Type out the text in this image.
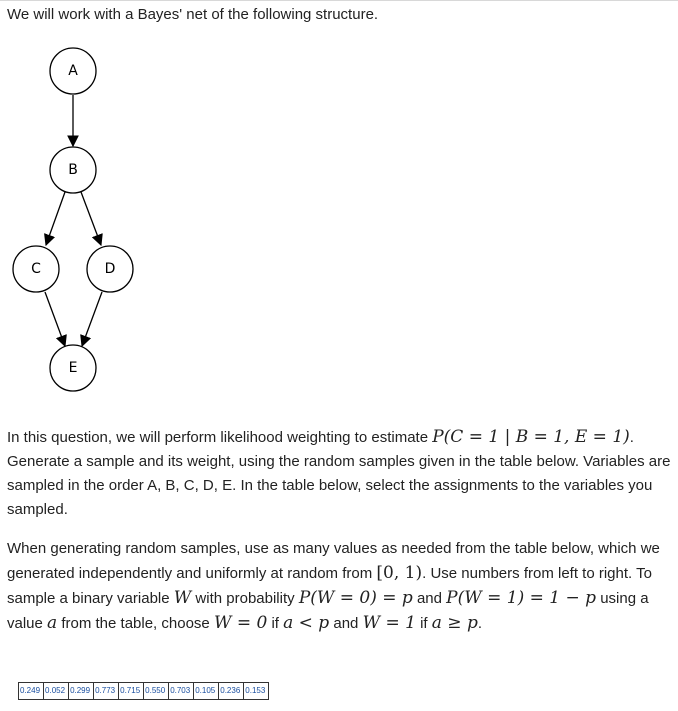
We will work with a Bayes' net of the following structure.
A
B
C	D
E
In this question, we will perform likelihood weighting to estimate P(C = 1 | B = 1, E = 1). Generate a sample and its weight, using the random samples given in the table below. Variables are sampled in the order A, B, C, D, E. In the table below, select the assignments to the variables you sampled.
When generating random samples, use as many values as needed from the table below, which we generated independently and uniformly at random from [0, 1). Use numbers from left to right. To sample a binary variable W with probability P(W = 0) = p and P(W = 1) = 1 − p using a value a from the table, choose W = 0 if a < p and W = 1 if a ≥ p.
0.249 0.052 0.299 0.773 0.715 0.550 0.703 0.105 0.236 0.153
